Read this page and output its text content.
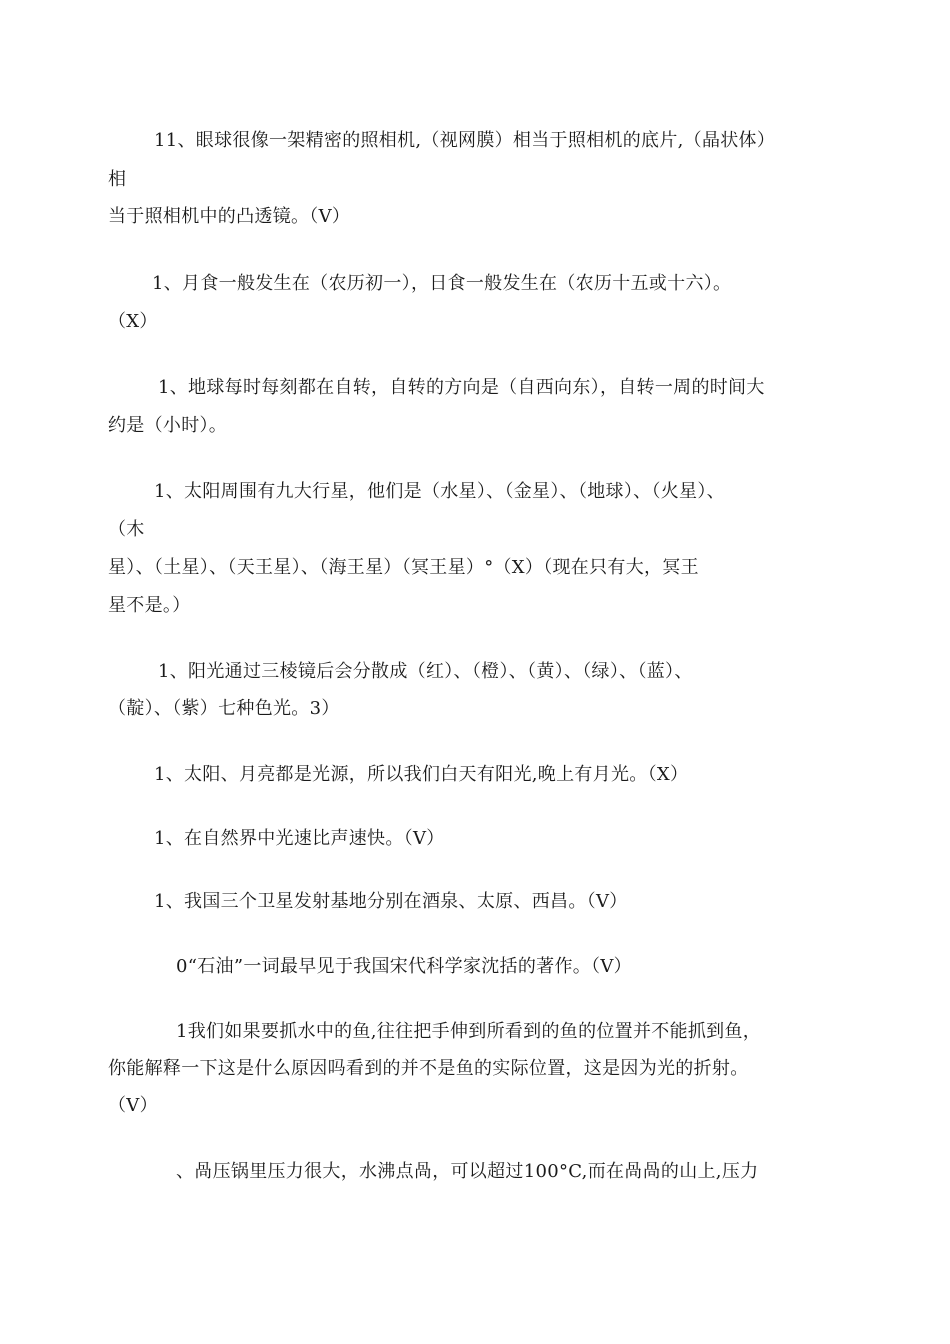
11、眼球很像一架精密的照相机,（视网膜）相当于照相机的底片,（晶状体）
相
当于照相机中的凸透镜。（V）
1、月食一般发生在（农历初一），日食一般发生在（农历十五或十六）。
（X）
1、地球每时每刻都在自转，自转的方向是（自西向东），自转一周的时间大
约是（小时）。
1、太阳周围有九大行星，他们是（水星）、（金星）、（地球）、（火星）、
（木
星）、（土星）、（天王星）、（海王星）（冥王星）°（X）（现在只有大，冥王
星不是。）
1、阳光通过三棱镜后会分散成（红）、（橙）、（黄）、（绿）、（蓝）、
（靛）、（紫）七种色光。3）
1、太阳、月亮都是光源，所以我们白天有阳光,晚上有月光。（X）
1、在自然界中光速比声速快。（V）
1、我国三个卫星发射基地分别在酒泉、太原、西昌。（V）
0“石油”一词最早见于我国宋代科学家沈括的著作。（V）
1我们如果要抓水中的鱼,往往把手伸到所看到的鱼的位置并不能抓到鱼，
你能解释一下这是什么原因吗看到的并不是鱼的实际位置，这是因为光的折射。
（V）
、咼压锅里压力很大，水沸点咼，可以超过100°C,而在咼咼的山上,压力
